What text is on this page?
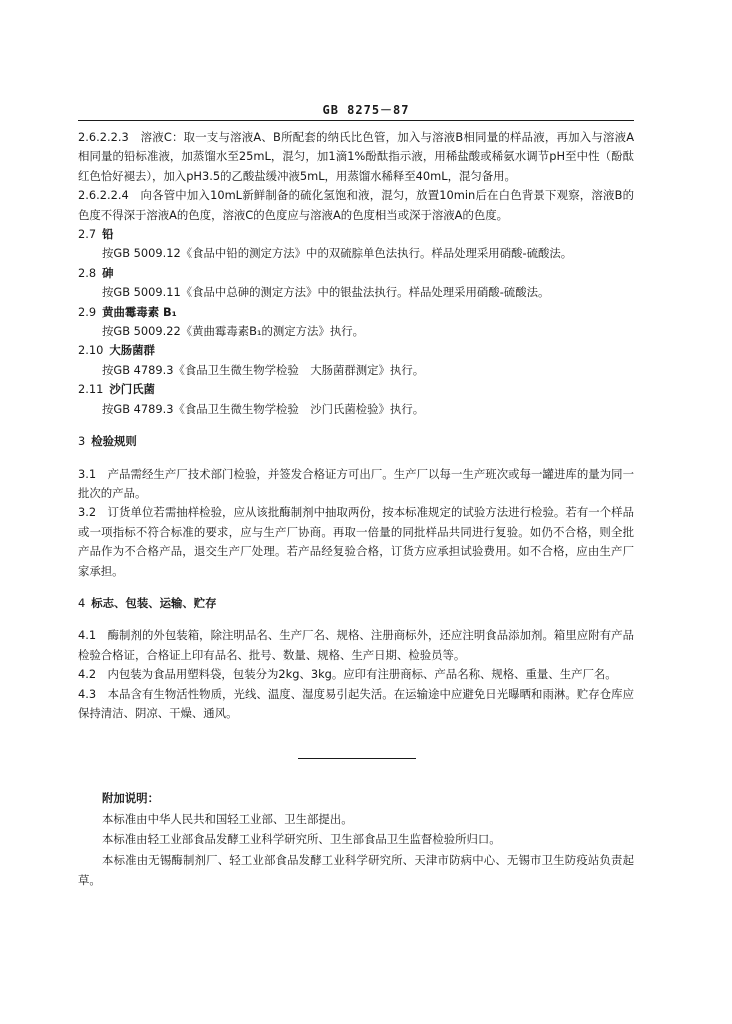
GB 8275－87

2.6.2.2.3　溶液C：取一支与溶液A、B所配套的纳氏比色管，加入与溶液B相同量的样品液，再加入与溶液A相同量的铅标准液，加蒸馏水至25mL，混匀，加1滴1%酚酞指示液，用稀盐酸或稀氨水调节pH至中性（酚酞红色恰好褪去），加入pH3.5的乙酸盐缓冲液5mL，用蒸馏水稀释至40mL，混匀备用。

2.6.2.2.4　向各管中加入10mL新鲜制备的硫化氢饱和液，混匀，放置10min后在白色背景下观察，溶液B的色度不得深于溶液A的色度，溶液C的色度应与溶液A的色度相当或深于溶液A的色度。

2.7 铅

按GB 5009.12《食品中铅的测定方法》中的双硫腙单色法执行。样品处理采用硝酸-硫酸法。

2.8 砷

按GB 5009.11《食品中总砷的测定方法》中的银盐法执行。样品处理采用硝酸-硫酸法。

2.9 黄曲霉毒素 B₁

按GB 5009.22《黄曲霉毒素B₁的测定方法》执行。

2.10 大肠菌群

按GB 4789.3《食品卫生微生物学检验　大肠菌群测定》执行。

2.11 沙门氏菌

按GB 4789.3《食品卫生微生物学检验　沙门氏菌检验》执行。

3 检验规则

3.1　产品需经生产厂技术部门检验，并签发合格证方可出厂。生产厂以每一生产班次或每一罐进库的量为同一批次的产品。

3.2　订货单位若需抽样检验，应从该批酶制剂中抽取两份，按本标准规定的试验方法进行检验。若有一个样品或一项指标不符合标准的要求，应与生产厂协商。再取一倍量的同批样品共同进行复验。如仍不合格，则全批产品作为不合格产品，退交生产厂处理。若产品经复验合格，订货方应承担试验费用。如不合格，应由生产厂家承担。

4 标志、包装、运输、贮存

4.1　酶制剂的外包装箱，除注明品名、生产厂名、规格、注册商标外，还应注明食品添加剂。箱里应附有产品检验合格证，合格证上印有品名、批号、数量、规格、生产日期、检验员等。

4.2　内包装为食品用塑料袋，包装分为2kg、3kg。应印有注册商标、产品名称、规格、重量、生产厂名。

4.3　本品含有生物活性物质，光线、温度、湿度易引起失活。在运输途中应避免日光曝晒和雨淋。贮存仓库应保持清洁、阴凉、干燥、通风。

附加说明：

本标准由中华人民共和国轻工业部、卫生部提出。

本标准由轻工业部食品发酵工业科学研究所、卫生部食品卫生监督检验所归口。

本标准由无锡酶制剂厂、轻工业部食品发酵工业科学研究所、天津市防病中心、无锡市卫生防疫站负责起草。
